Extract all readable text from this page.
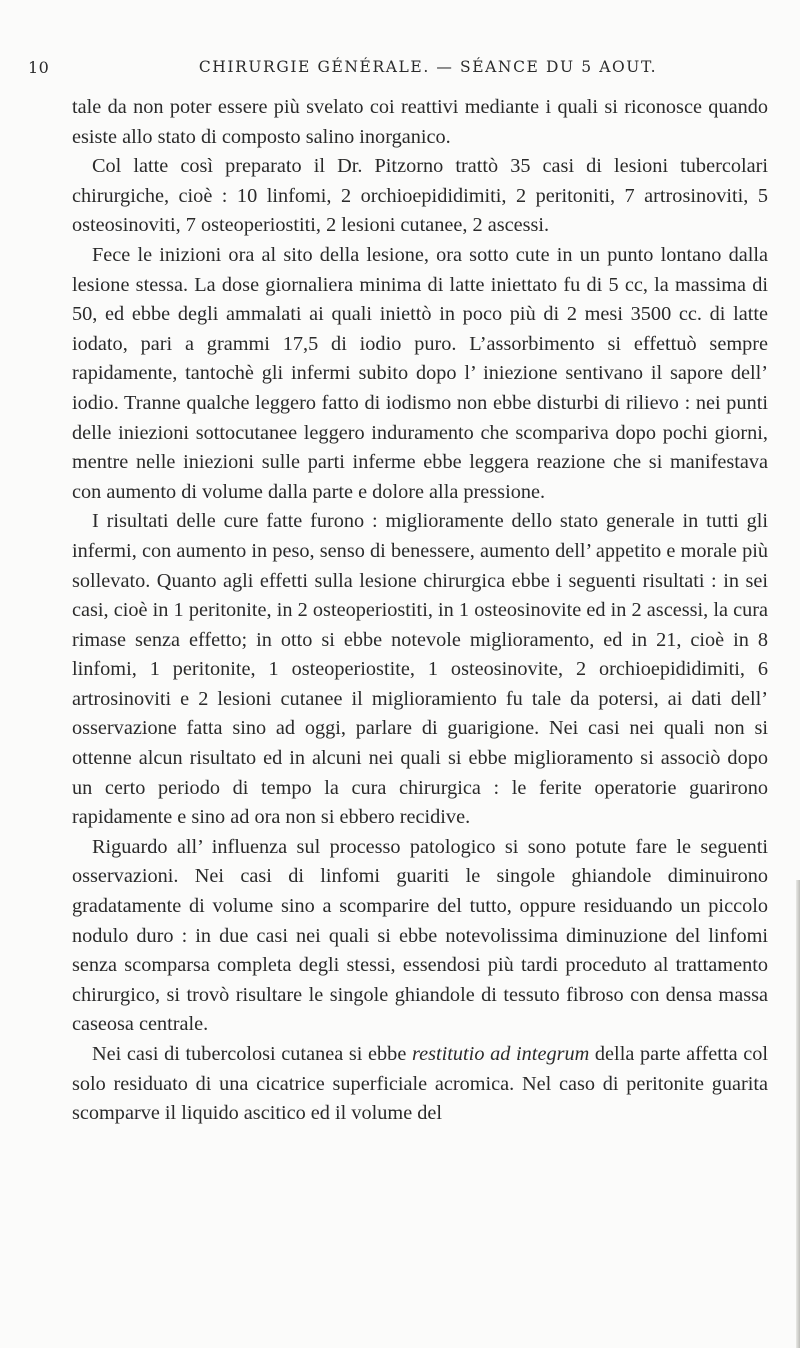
10	CHIRURGIE GÉNÉRALE. — SÉANCE DU 5 AOUT.

tale da non poter essere più svelato coi reattivi mediante i quali si riconosce quando esiste allo stato di composto salino inorganico.

Col latte così preparato il Dr. Pitzorno trattò 35 casi di lesioni tubercolari chirurgiche, cioè : 10 linfomi, 2 orchioepididimiti, 2 peritoniti, 7 artrosinoviti, 5 osteosinoviti, 7 osteoperiostiti, 2 lesioni cutanee, 2 ascessi.

Fece le inizioni ora al sito della lesione, ora sotto cute in un punto lontano dalla lesione stessa. La dose giornaliera minima di latte iniettato fu di 5 cc, la massima di 50, ed ebbe degli ammalati ai quali iniettò in poco più di 2 mesi 3500 cc. di latte iodato, pari a grammi 17,5 di iodio puro. L’assorbimento si effettuò sempre rapidamente, tantochè gli infermi subito dopo l’ iniezione sentivano il sapore dell’ iodio. Tranne qualche leggero fatto di iodismo non ebbe disturbi di rilievo : nei punti delle iniezioni sottocutanee leggero induramento che scompariva dopo pochi giorni, mentre nelle iniezioni sulle parti inferme ebbe leggera reazione che si manifestava con aumento di volume dalla parte e dolore alla pressione.

I risultati delle cure fatte furono : miglioramente dello stato generale in tutti gli infermi, con aumento in peso, senso di benessere, aumento dell’ appetito e morale più sollevato. Quanto agli effetti sulla lesione chirurgica ebbe i seguenti risultati : in sei casi, cioè in 1 peritonite, in 2 osteoperiostiti, in 1 osteosinovite ed in 2 ascessi, la cura rimase senza effetto; in otto si ebbe notevole miglioramento, ed in 21, cioè in 8 linfomi, 1 peritonite, 1 osteoperiostite, 1 osteosinovite, 2 orchioepididimiti, 6 artrosinoviti e 2 lesioni cutanee il miglioramiento fu tale da potersi, ai dati dell’ osservazione fatta sino ad oggi, parlare di guarigione. Nei casi nei quali non si ottenne alcun risultato ed in alcuni nei quali si ebbe miglioramento si associò dopo un certo periodo di tempo la cura chirurgica : le ferite operatorie guarirono rapidamente e sino ad ora non si ebbero recidive.

Riguardo all’ influenza sul processo patologico si sono potute fare le seguenti osservazioni. Nei casi di linfomi guariti le singole ghiandole diminuirono gradatamente di volume sino a scomparire del tutto, oppure residuando un piccolo nodulo duro : in due casi nei quali si ebbe notevolissima diminuzione del linfomi senza scomparsa completa degli stessi, essendosi più tardi proceduto al trattamento chirurgico, si trovò risultare le singole ghiandole di tessuto fibroso con densa massa caseosa centrale.

Nei casi di tubercolosi cutanea si ebbe restitutio ad integrum della parte affetta col solo residuato di una cicatrice superficiale acromica. Nel caso di peritonite guarita scomparve il liquido ascitico ed il volume del
